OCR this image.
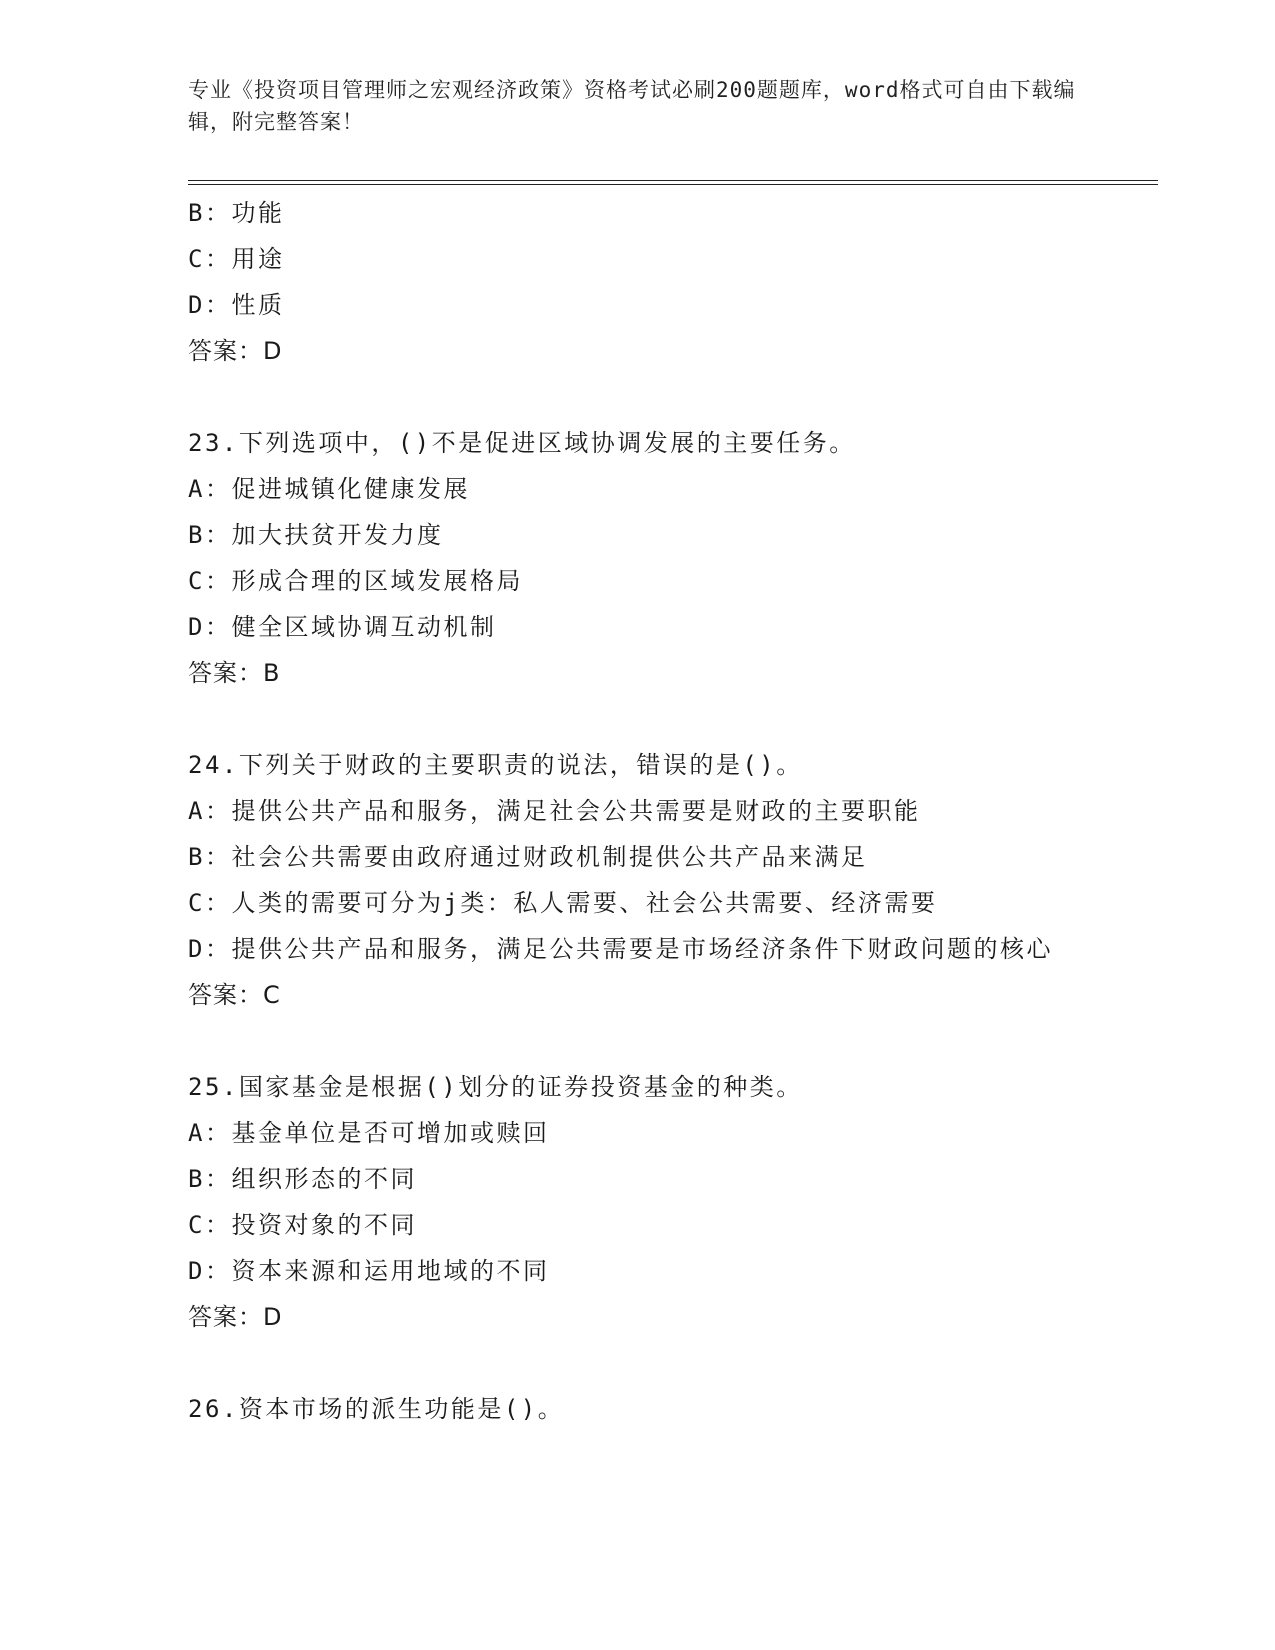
专业《投资项目管理师之宏观经济政策》资格考试必刷200题题库，word格式可自由下载编辑，附完整答案！
B：功能
C：用途
D：性质
答案：D
23.下列选项中，()不是促进区域协调发展的主要任务。
A：促进城镇化健康发展
B：加大扶贫开发力度
C：形成合理的区域发展格局
D：健全区域协调互动机制
答案：B
24.下列关于财政的主要职责的说法，错误的是()。
A：提供公共产品和服务，满足社会公共需要是财政的主要职能
B：社会公共需要由政府通过财政机制提供公共产品来满足
C：人类的需要可分为j类：私人需要、社会公共需要、经济需要
D：提供公共产品和服务，满足公共需要是市场经济条件下财政问题的核心
答案：C
25.国家基金是根据()划分的证券投资基金的种类。
A：基金单位是否可增加或赎回
B：组织形态的不同
C：投资对象的不同
D：资本来源和运用地域的不同
答案：D
26.资本市场的派生功能是()。
